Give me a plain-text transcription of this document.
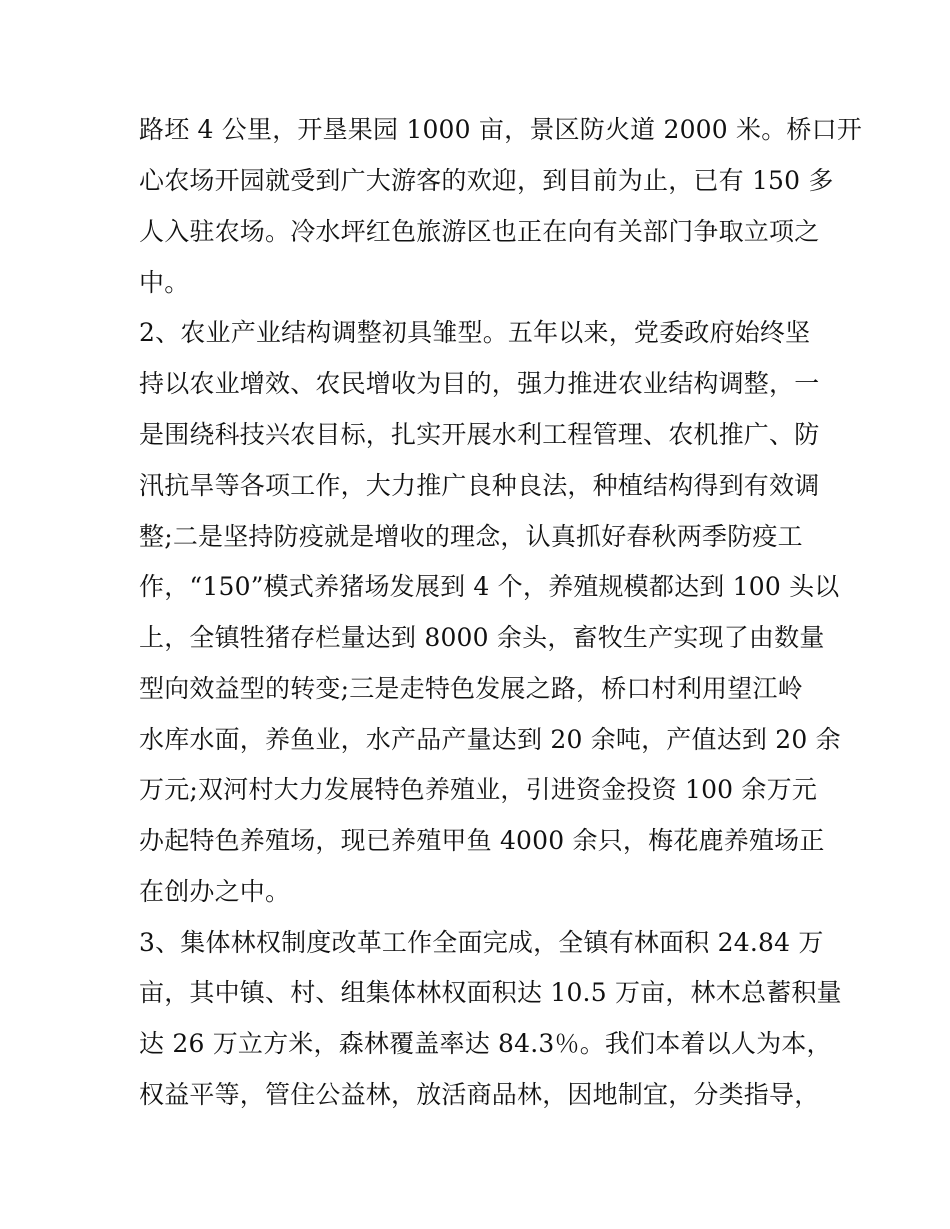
路坯 4 公里，开垦果园 1000 亩，景区防火道 2000 米。桥口开
心农场开园就受到广大游客的欢迎，到目前为止，已有 150 多
人入驻农场。冷水坪红色旅游区也正在向有关部门争取立项之
中。
2、农业产业结构调整初具雏型。五年以来，党委政府始终坚
持以农业增效、农民增收为目的，强力推进农业结构调整，一
是围绕科技兴农目标，扎实开展水利工程管理、农机推广、防
汛抗旱等各项工作，大力推广良种良法，种植结构得到有效调
整;二是坚持防疫就是增收的理念，认真抓好春秋两季防疫工
作，“150”模式养猪场发展到 4 个，养殖规模都达到 100 头以
上，全镇牲猪存栏量达到 8000 余头，畜牧生产实现了由数量
型向效益型的转变;三是走特色发展之路，桥口村利用望江岭
水库水面，养鱼业，水产品产量达到 20 余吨，产值达到 20 余
万元;双河村大力发展特色养殖业，引进资金投资 100 余万元
办起特色养殖场，现已养殖甲鱼 4000 余只，梅花鹿养殖场正
在创办之中。
3、集体林权制度改革工作全面完成，全镇有林面积 24.84 万
亩，其中镇、村、组集体林权面积达 10.5 万亩，林木总蓄积量
达 26 万立方米，森林覆盖率达 84.3％。我们本着以人为本，
权益平等，管住公益林，放活商品林，因地制宜，分类指导，
